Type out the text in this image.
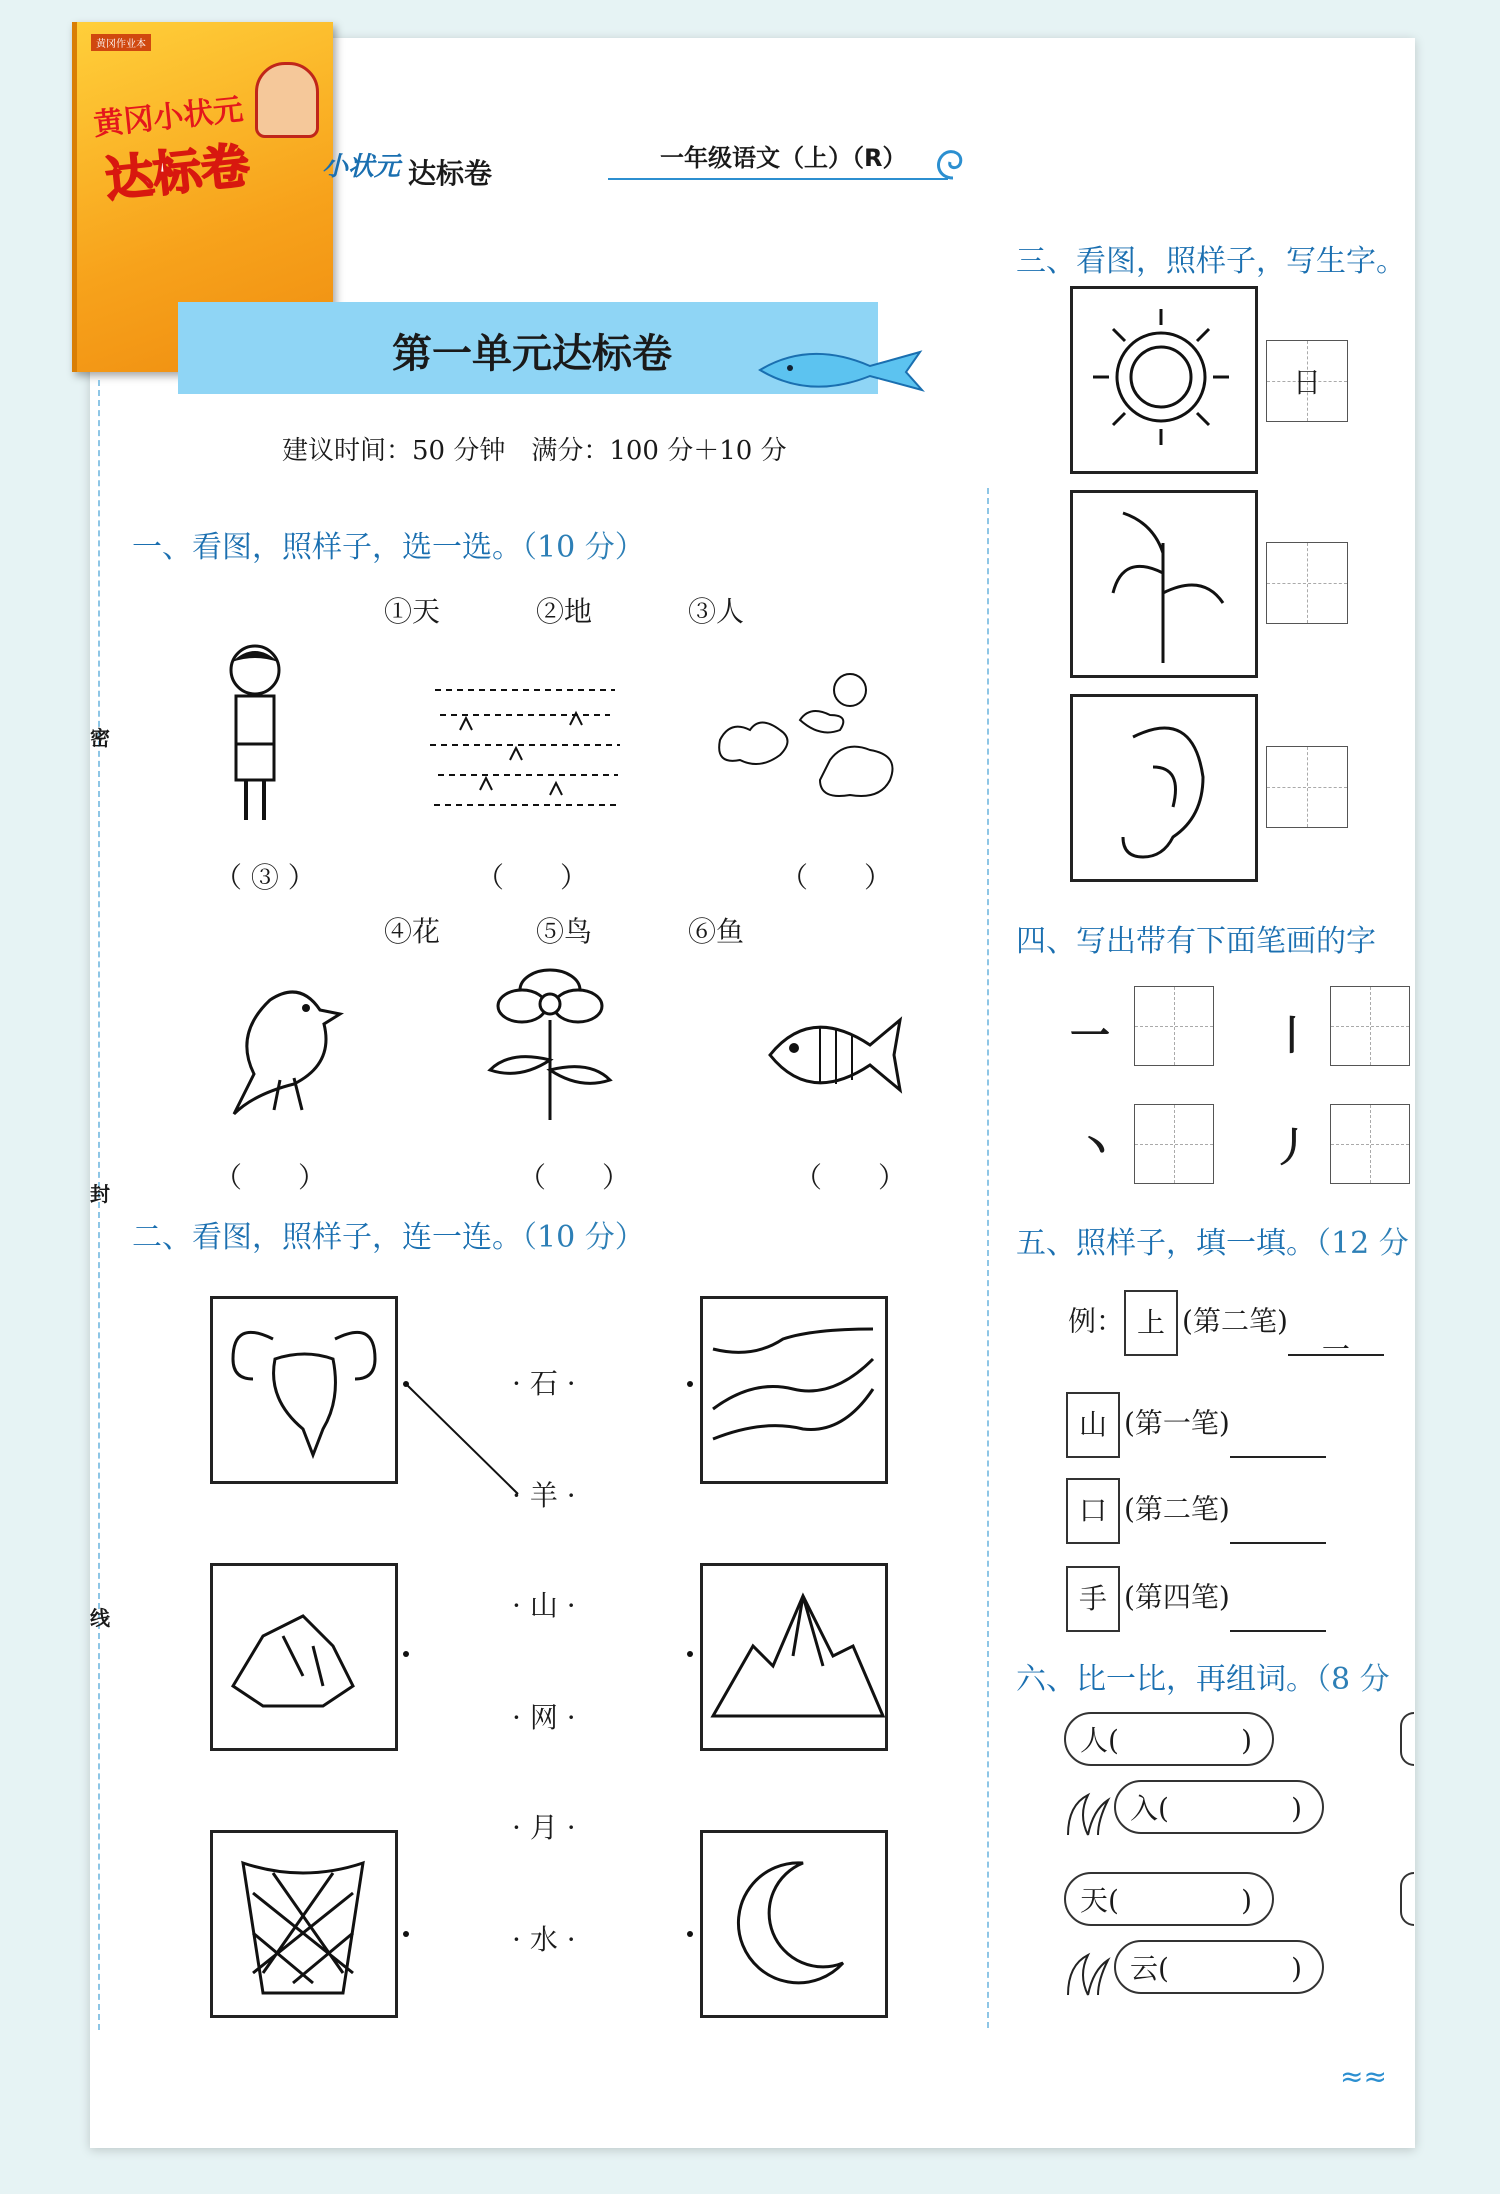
黄冈作业本
黄冈小状元
达标卷	小状元 达标卷	一年级语文（上）（R）
第一单元达标卷
建议时间：50 分钟　满分：100 分＋10 分
密
封
线
一、看图，照样子，选一选。（10 分）
①天	②地	③人
（ ③ ）	（　　）	（　　）
④花	⑤鸟	⑥鱼
（　　）	（　　）	（　　）
二、看图，照样子，连一连。（10 分）
· 石 ·
· 羊 ·
· 山 ·
· 网 ·
· 月 ·
· 水 ·
三、看图，照样子，写生字。
日
四、写出带有下面笔画的字
一	丨
丶	丿
五、照样子，填一填。（12 分
例： 上 (第二笔)一
山 (第一笔)
口 (第二笔)
手 (第四笔)
六、比一比，再组词。（8 分
人(	)
入(	)
天(	)
云(	)
≈≈
